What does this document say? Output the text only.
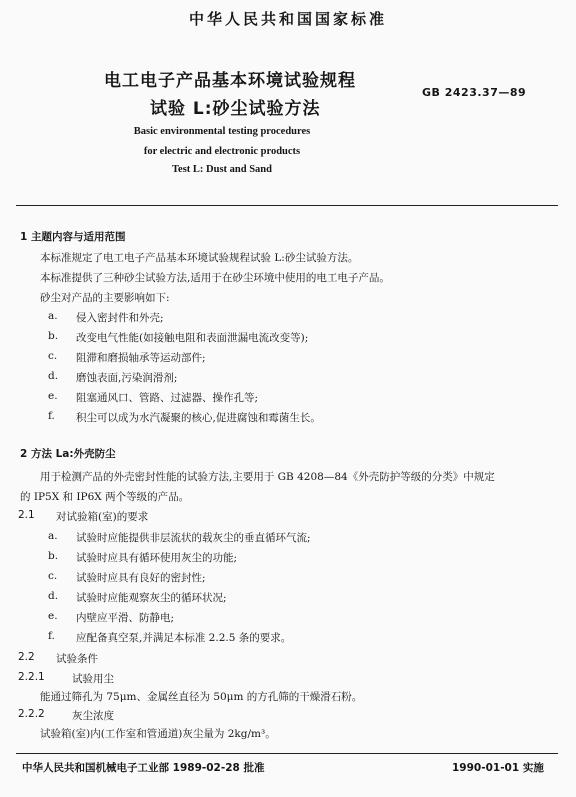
中华人民共和国国家标准
电工电子产品基本环境试验规程
试验 L:砂尘试验方法
GB 2423.37—89
Basic environmental testing procedures
for electric and electronic products
Test L: Dust and Sand
1 主题内容与适用范围
本标准规定了电工电子产品基本环境试验规程试验 L:砂尘试验方法。
本标准提供了三种砂尘试验方法,适用于在砂尘环境中使用的电工电子产品。
砂尘对产品的主要影响如下:
a. 侵入密封件和外壳;
b. 改变电气性能(如接触电阻和表面泄漏电流改变等);
c. 阻滞和磨损轴承等运动部件;
d. 磨蚀表面,污染润滑剂;
e. 阻塞通风口、管路、过滤器、操作孔等;
f. 积尘可以成为水汽凝聚的核心,促进腐蚀和霉菌生长。
2 方法 La:外壳防尘
用于检测产品的外壳密封性能的试验方法,主要用于 GB 4208—84《外壳防护等级的分类》中规定
的 IP5X 和 IP6X 两个等级的产品。
2.1 对试验箱(室)的要求
a. 试验时应能提供非层流状的载灰尘的垂直循环气流;
b. 试验时应具有循环使用灰尘的功能;
c. 试验时应具有良好的密封性;
d. 试验时应能观察灰尘的循环状况;
e. 内壁应平滑、防静电;
f. 应配备真空泵,并满足本标准 2.2.5 条的要求。
2.2 试验条件
2.2.1	试验用尘
能通过筛孔为 75μm、金属丝直径为 50μm 的方孔筛的干燥滑石粉。
2.2.2	灰尘浓度
试验箱(室)内(工作室和管通道)灰尘量为 2kg/m³。
中华人民共和国机械电子工业部 1989-02-28 批准	1990-01-01 实施
